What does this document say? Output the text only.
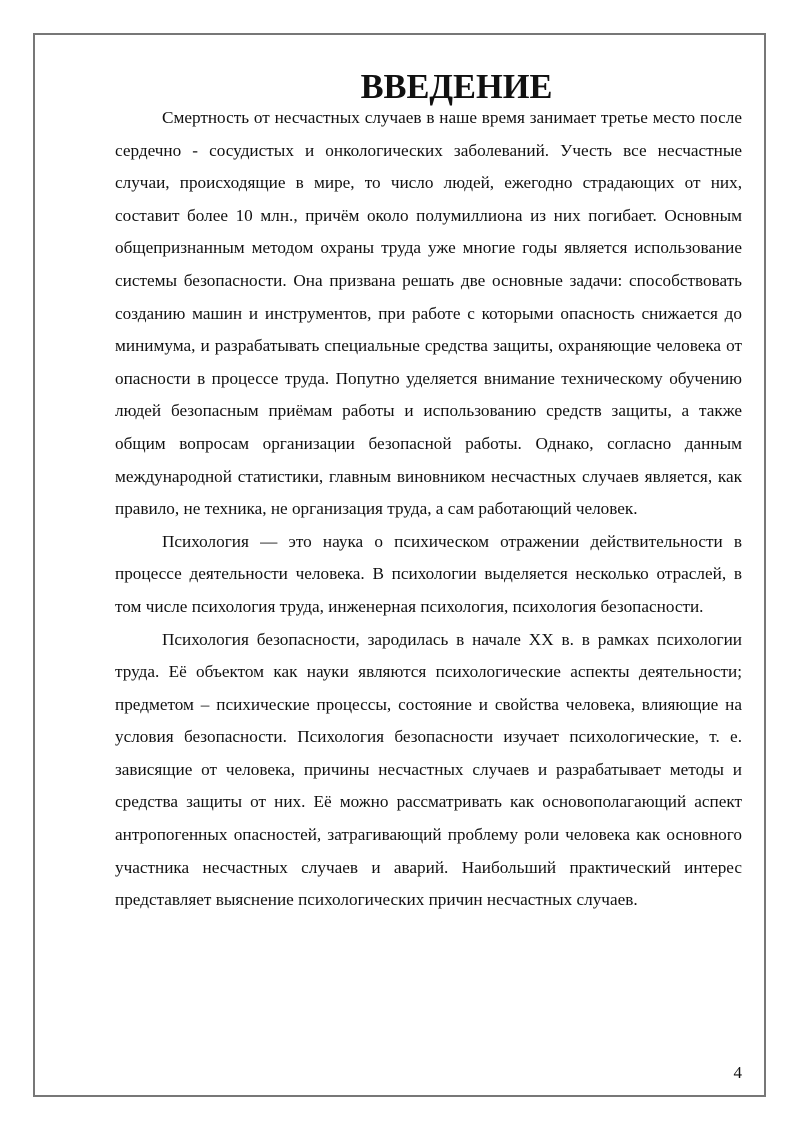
ВВЕДЕНИЕ

Смертность от несчастных случаев в наше время занимает третье место после сердечно - сосудистых и онкологических заболеваний. Учесть все несчастные случаи, происходящие в мире, то число людей, ежегодно страдающих от них, составит более 10 млн., причём около полумиллиона из них погибает. Основным общепризнанным методом охраны труда уже многие годы является использование системы безопасности. Она призвана решать две основные задачи: способствовать созданию машин и инструментов, при работе с которыми опасность снижается до минимума, и разрабатывать специальные средства защиты, охраняющие человека от опасности в процессе труда. Попутно уделяется внимание техническому обучению людей безопасным приёмам работы и использованию средств защиты, а также общим вопросам организации безопасной работы. Однако, согласно данным международной статистики, главным виновником несчастных случаев является, как правило, не техника, не организация труда, а сам работающий человек.

Психология — это наука о психическом отражении действительности в процессе деятельности человека. В психологии выделяется несколько отраслей, в том числе психология труда, инженерная психология, психология безопасности.

Психология безопасности, зародилась в начале XX в. в рамках психологии труда. Её объектом как науки являются психологические аспекты деятельности; предметом – психические процессы, состояние и свойства человека, влияющие на условия безопасности. Психология безопасности изучает психологические, т. е. зависящие от человека, причины несчастных случаев и разрабатывает методы и средства защиты от них. Её можно рассматривать как основополагающий аспект антропогенных опасностей, затрагивающий проблему роли человека как основного участника несчастных случаев и аварий. Наибольший практический интерес представляет выяснение психологических причин несчастных случаев.

4
